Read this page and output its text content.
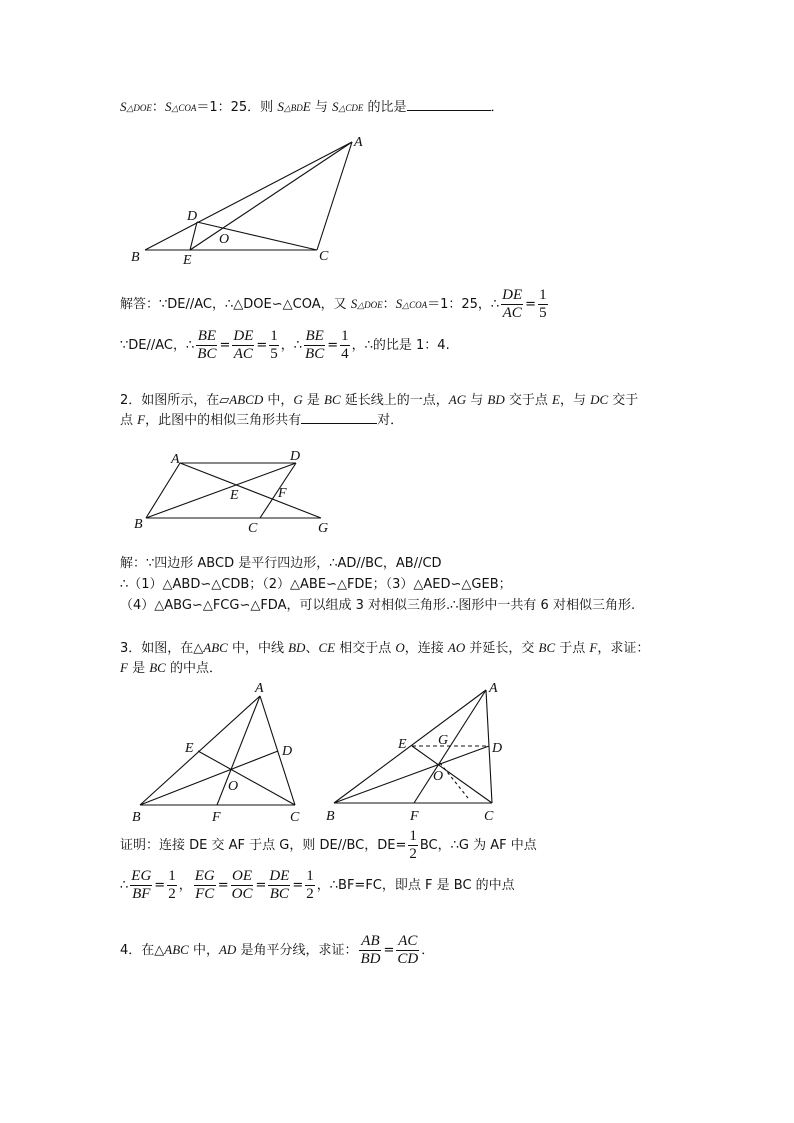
S△DOE：S△COA＝1：25．则 S△BDE 与 S△CDE 的比是	．
A
B	C
D
E
O
解答：∵DE//AC，∴△DOE∽△COA，又 S△DOE：S△COA＝1：25，∴ $\frac{DE}{AC} = \frac{1}{5}$
∵DE//AC，∴ $\frac{BE}{BC} = \frac{DE}{AC} = \frac{1}{5}$ ，∴ $\frac{BE}{BC} = \frac{1}{4}$ ，∴的比是 1：4.
2．如图所示，在▱ABCD 中，G 是 BC 延长线上的一点，AG 与 BD 交于点 E，与 DC 交于
点 F，此图中的相似三角形共有	对．
A	D
B	C	G
E	F
解：∵四边形 ABCD 是平行四边形，∴AD//BC，AB//CD
∴（1）△ABD∽△CDB；（2）△ABE∽△FDE；（3）△AED∽△GEB；
（4）△ABG∽△FCG∽△FDA，可以组成 3 对相似三角形.∴图形中一共有 6 对相似三角形.
3．如图，在△ABC 中，中线 BD、CE 相交于点 O，连接 AO 并延长，交 BC 于点 F，求证：
F 是 BC 的中点．
A
E	D
O
B	F	C
A
E G
D
O
B	F	C
证明：连接 DE 交 AF 于点 G，则 DE//BC，$DE= \frac{1}{2}$ BC，∴G 为 AF 中点
∴ $\frac{EG}{BF} = \frac{1}{2}$ ， $\frac{EG}{FC} = \frac{OE}{OC} = \frac{DE}{BC} = \frac{1}{2}$ ，∴BF=FC，即点 F 是 BC 的中点
4．在△ABC 中，AD 是角平分线，求证： $\frac{AB}{BD} = \frac{AC}{CD}$ ．
